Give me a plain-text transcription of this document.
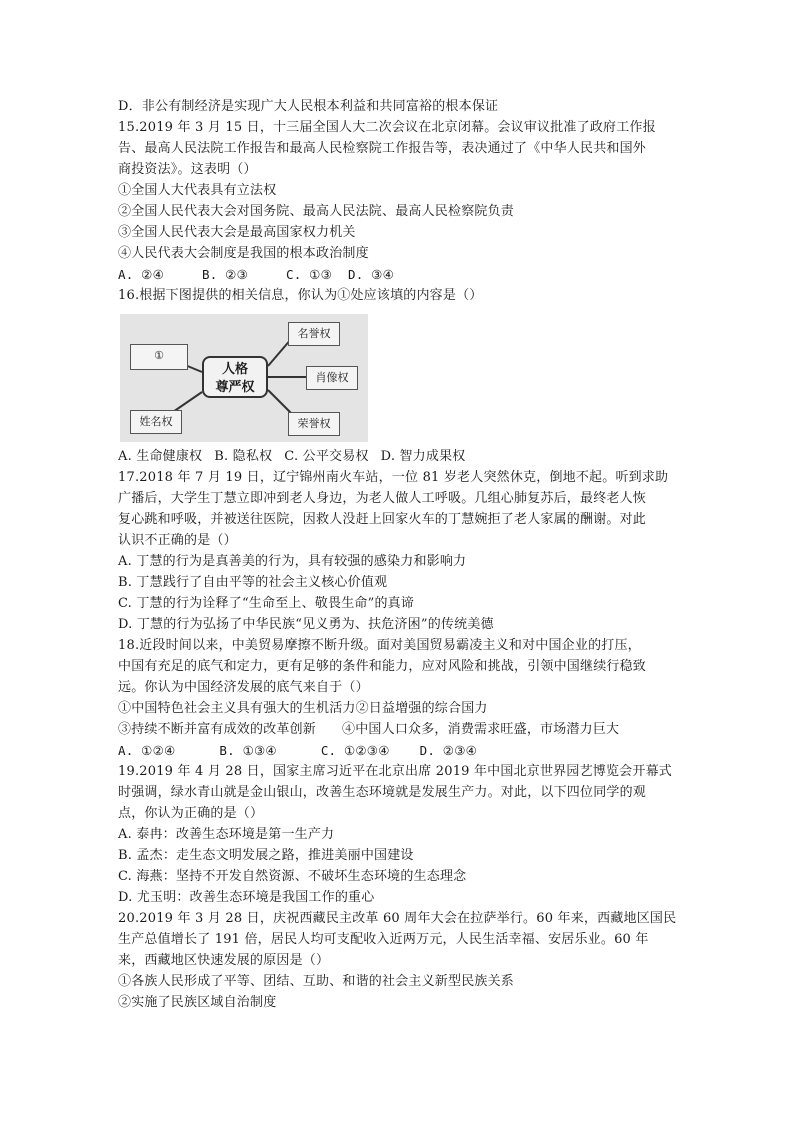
D．非公有制经济是实现广大人民根本利益和共同富裕的根本保证
15.2019 年 3 月 15 日，十三届全国人大二次会议在北京闭幕。会议审议批准了政府工作报
告、最高人民法院工作报告和最高人民检察院工作报告等，表决通过了《中华人民共和国外
商投资法》。这表明（）
①全国人大代表具有立法权
②全国人民代表大会对国务院、最高人民法院、最高人民检察院负责
③全国人民代表大会是最高国家权力机关
④人民代表大会制度是我国的根本政治制度
A. ②④	B. ②③	C. ①③ D. ③④
16.根据下图提供的相关信息，你认为①处应该填的内容是（）
①
人格
尊严权
名誉权
肖像权
荣誉权
姓名权
A. 生命健康权 B. 隐私权 C. 公平交易权 D. 智力成果权
17.2018 年 7 月 19 日，辽宁锦州南火车站，一位 81 岁老人突然休克，倒地不起。听到求助
广播后，大学生丁慧立即冲到老人身边，为老人做人工呼吸。几组心肺复苏后，最终老人恢
复心跳和呼吸，并被送往医院，因救人没赶上回家火车的丁慧婉拒了老人家属的酬谢。对此
认识不正确的是（）
A. 丁慧的行为是真善美的行为，具有较强的感染力和影响力
B. 丁慧践行了自由平等的社会主义核心价值观
C. 丁慧的行为诠释了“生命至上、敬畏生命”的真谛
D. 丁慧的行为弘扬了中华民族“见义勇为、扶危济困”的传统美德
18.近段时间以来，中美贸易摩擦不断升级。面对美国贸易霸凌主义和对中国企业的打压，
中国有充足的底气和定力，更有足够的条件和能力，应对风险和挑战，引领中国继续行稳致
远。你认为中国经济发展的底气来自于（）
①中国特色社会主义具有强大的生机活力②日益增强的综合国力
③持续不断并富有成效的改革创新 ④中国人口众多，消费需求旺盛，市场潜力巨大
A. ①②④	B. ①③④	C. ①②③④ D. ②③④
19.2019 年 4 月 28 日，国家主席习近平在北京出席 2019 年中国北京世界园艺博览会开幕式
时强调，绿水青山就是金山银山，改善生态环境就是发展生产力。对此，以下四位同学的观
点，你认为正确的是（）
A. 泰冉：改善生态环境是第一生产力
B. 孟杰：走生态文明发展之路，推进美丽中国建设
C. 海燕：坚持不开发自然资源、不破坏生态环境的生态理念
D. 尤玉明：改善生态环境是我国工作的重心
20.2019 年 3 月 28 日，庆祝西藏民主改革 60 周年大会在拉萨举行。60 年来，西藏地区国民
生产总值增长了 191 倍，居民人均可支配收入近两万元，人民生活幸福、安居乐业。60 年
来，西藏地区快速发展的原因是（）
①各族人民形成了平等、团结、互助、和谐的社会主义新型民族关系
②实施了民族区域自治制度
